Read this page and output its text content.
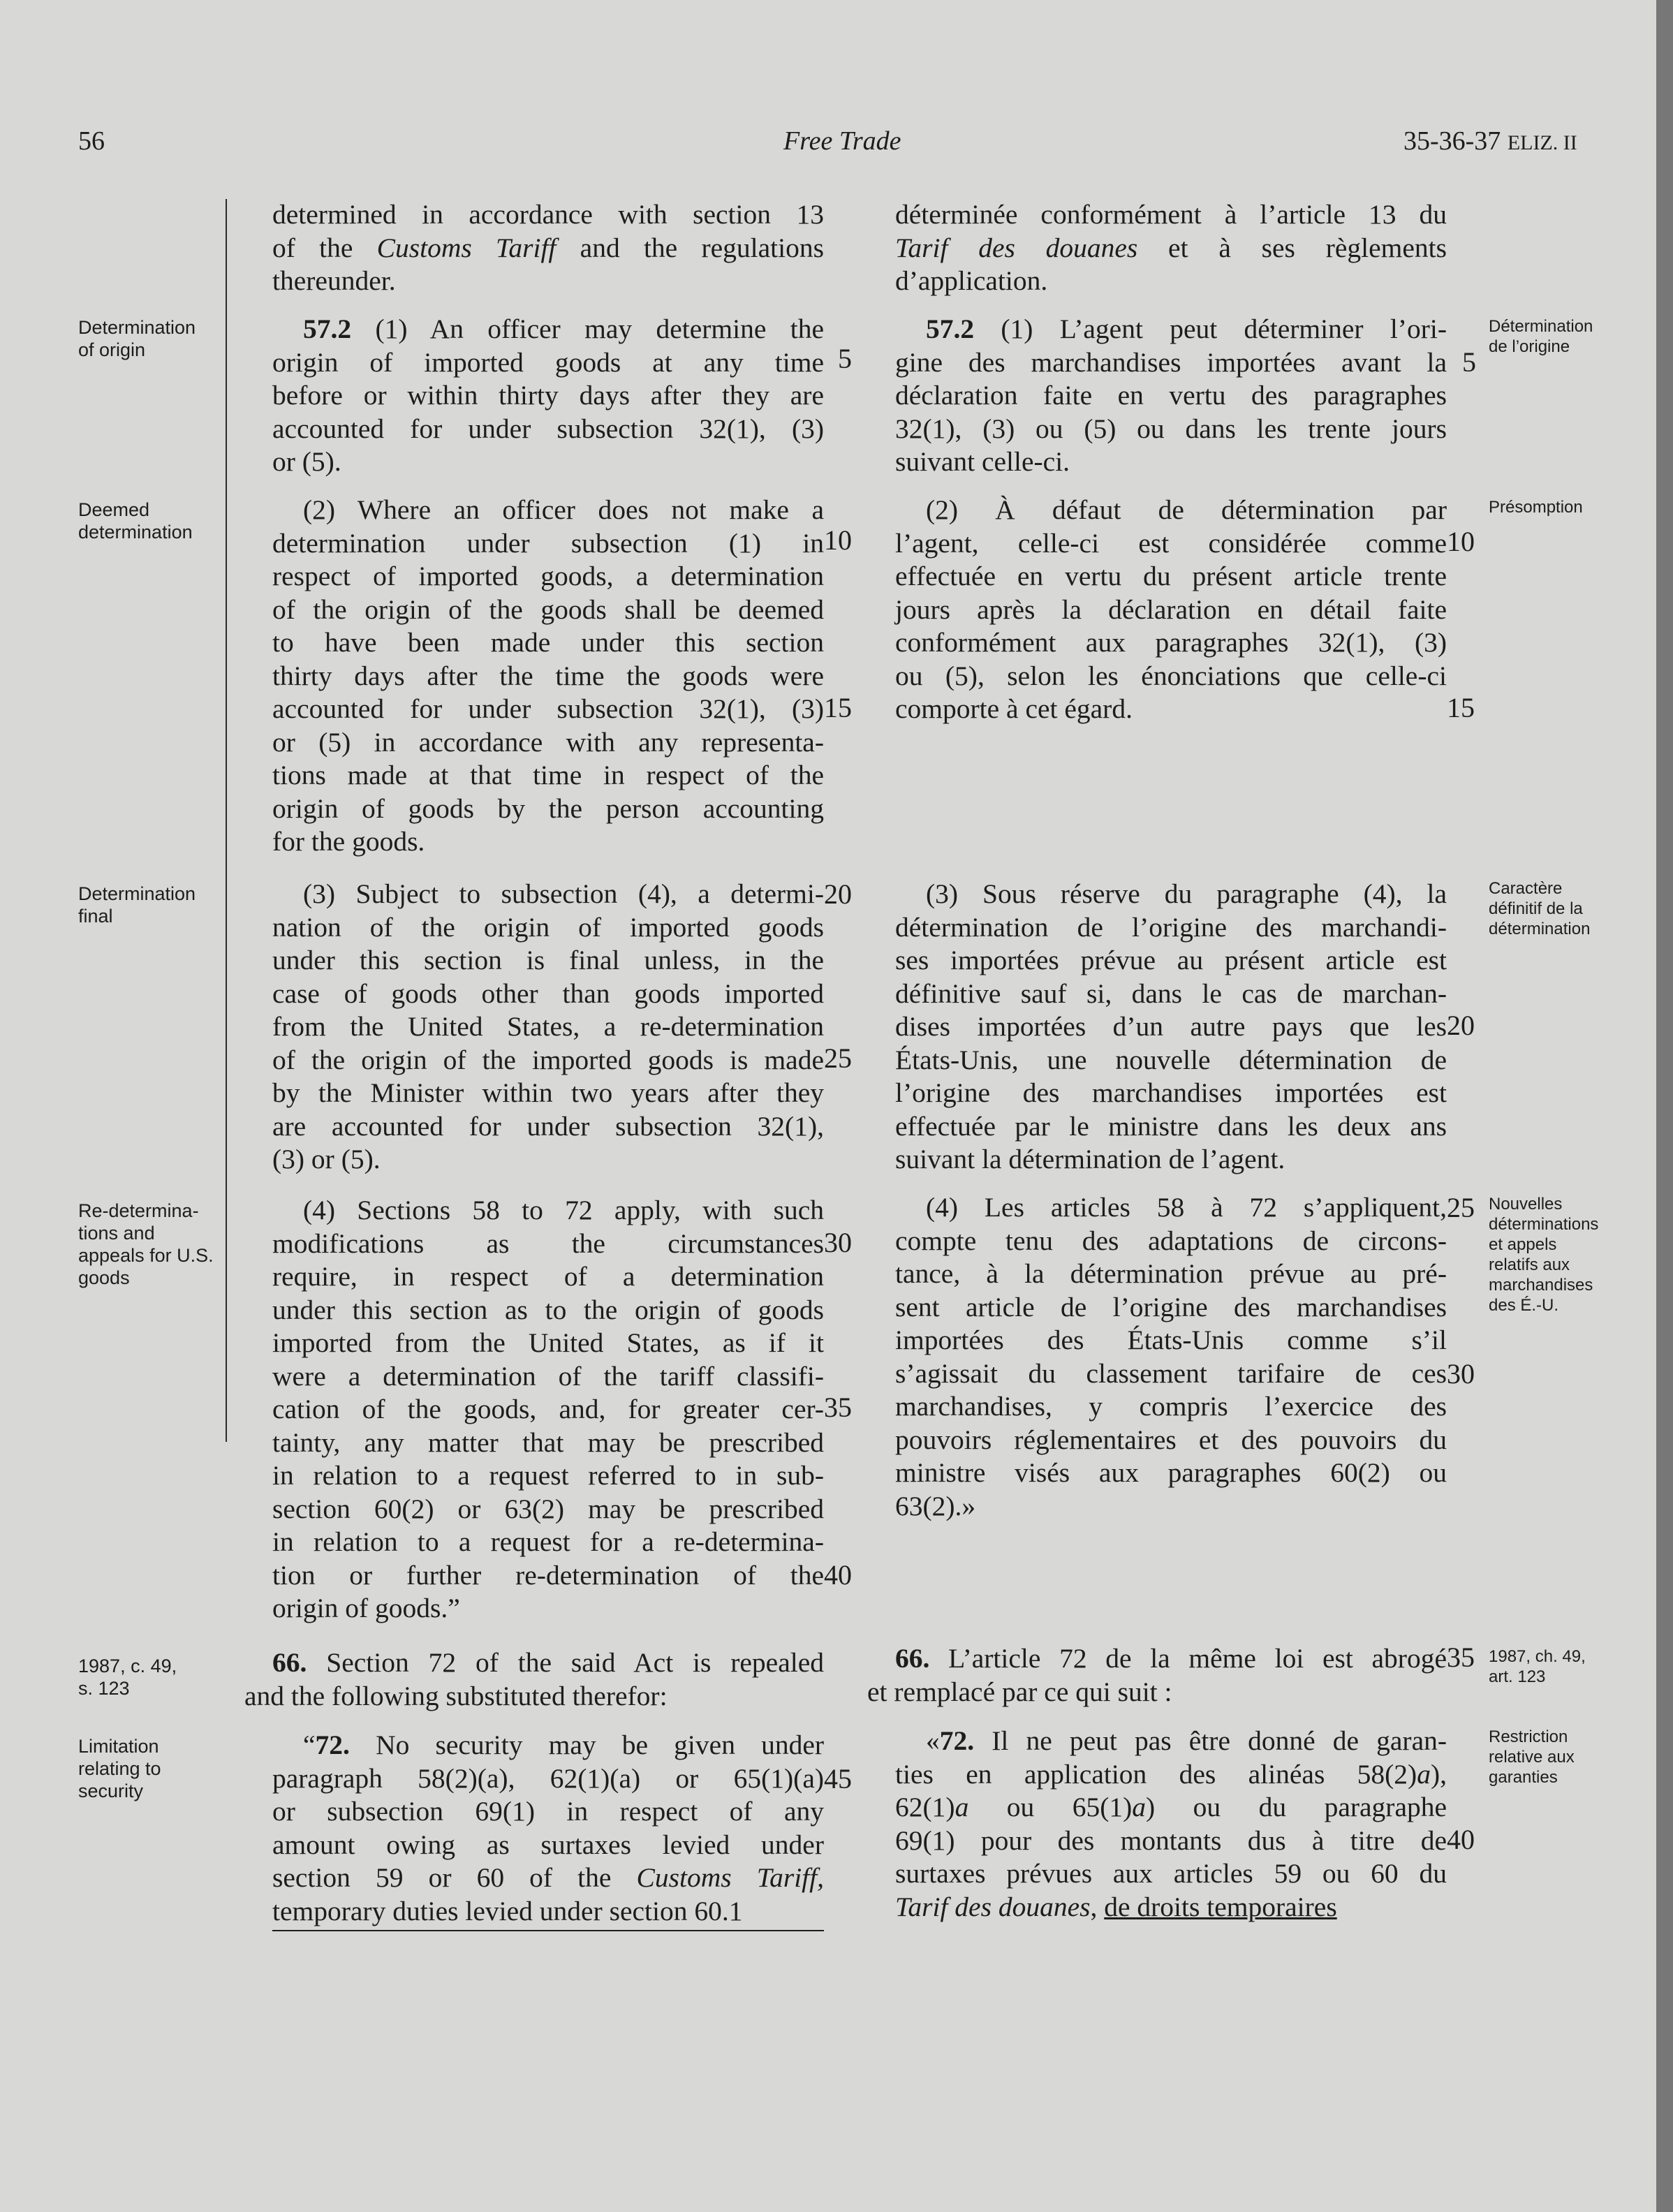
56	Free Trade	35-36-37 ELIZ. II
Determination
of origin
Deemed
determination
Determination
final
Re-determina-
tions and
appeals for U.S.
goods
1987, c. 49,
s. 123
Limitation
relating to
security
Détermination
de l’origine
Présomption
Caractère
définitif de la
détermination
Nouvelles
déterminations
et appels
relatifs aux
marchandises
des É.-U.
1987, ch. 49,
art. 123
Restriction
relative aux
garanties
5
10
15
20
25
30
35
40
45
5
10
15
20
25
30
35
40
determined in accordance with section 13
of the Customs Tariff and the regulations
thereunder.
57.2 (1) An officer may determine the
origin of imported goods at any time
before or within thirty days after they are
accounted for under subsection 32(1), (3)
or (5).
(2) Where an officer does not make a
determination under subsection (1) in
respect of imported goods, a determination
of the origin of the goods shall be deemed
to have been made under this section
thirty days after the time the goods were
accounted for under subsection 32(1), (3)
or (5) in accordance with any representa-
tions made at that time in respect of the
origin of goods by the person accounting
for the goods.
(3) Subject to subsection (4), a determi-
nation of the origin of imported goods
under this section is final unless, in the
case of goods other than goods imported
from the United States, a re-determination
of the origin of the imported goods is made
by the Minister within two years after they
are accounted for under subsection 32(1),
(3) or (5).
(4) Sections 58 to 72 apply, with such
modifications as the circumstances
require, in respect of a determination
under this section as to the origin of goods
imported from the United States, as if it
were a determination of the tariff classifi-
cation of the goods, and, for greater cer-
tainty, any matter that may be prescribed
in relation to a request referred to in sub-
section 60(2) or 63(2) may be prescribed
in relation to a request for a re-determina-
tion or further re-determination of the
origin of goods.”
66. Section 72 of the said Act is repealed
and the following substituted therefor:
“72. No security may be given under
paragraph 58(2)(a), 62(1)(a) or 65(1)(a)
or subsection 69(1) in respect of any
amount owing as surtaxes levied under
section 59 or 60 of the Customs Tariff,
temporary duties levied under section 60.1
déterminée conformément à l’article 13 du
Tarif des douanes et à ses règlements
d’application.
57.2 (1) L’agent peut déterminer l’ori-
gine des marchandises importées avant la
déclaration faite en vertu des paragraphes
32(1), (3) ou (5) ou dans les trente jours
suivant celle-ci.
(2) À défaut de détermination par
l’agent, celle-ci est considérée comme
effectuée en vertu du présent article trente
jours après la déclaration en détail faite
conformément aux paragraphes 32(1), (3)
ou (5), selon les énonciations que celle-ci
comporte à cet égard.
(3) Sous réserve du paragraphe (4), la
détermination de l’origine des marchandi-
ses importées prévue au présent article est
définitive sauf si, dans le cas de marchan-
dises importées d’un autre pays que les
États-Unis, une nouvelle détermination de
l’origine des marchandises importées est
effectuée par le ministre dans les deux ans
suivant la détermination de l’agent.
(4) Les articles 58 à 72 s’appliquent,
compte tenu des adaptations de circons-
tance, à la détermination prévue au pré-
sent article de l’origine des marchandises
importées des États-Unis comme s’il
s’agissait du classement tarifaire de ces
marchandises, y compris l’exercice des
pouvoirs réglementaires et des pouvoirs du
ministre visés aux paragraphes 60(2) ou
63(2).»
66. L’article 72 de la même loi est abrogé
et remplacé par ce qui suit :
«72. Il ne peut pas être donné de garan-
ties en application des alinéas 58(2)a),
62(1)a ou 65(1)a) ou du paragraphe
69(1) pour des montants dus à titre de
surtaxes prévues aux articles 59 ou 60 du
Tarif des douanes, de droits temporaires
